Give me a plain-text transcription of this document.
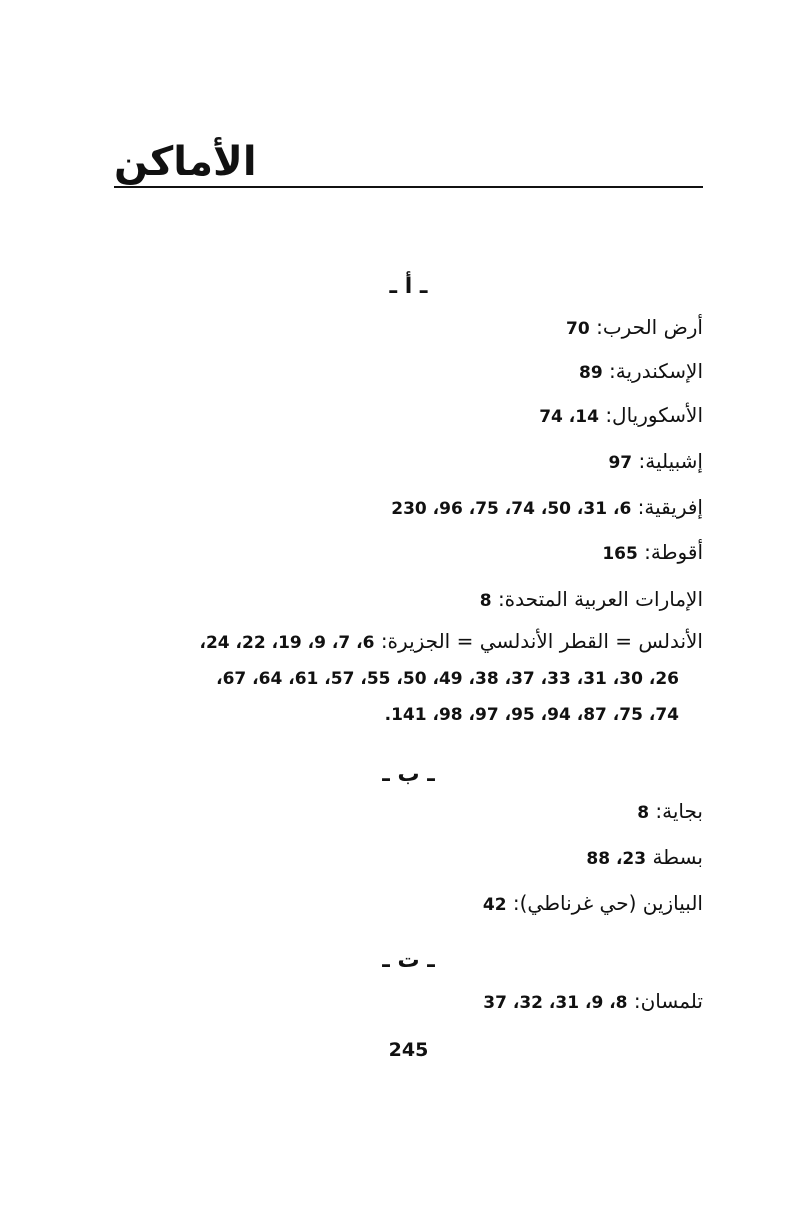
الأماكن
ـ أ ـ
أرض الحرب: 70
الإسكندرية: 89
الأسكوريال: 14، 74
إشبيلية: 97
إفريقية: 6، 31، 50، 74، 75، 96، 230
أقوطة: 165
الإمارات العربية المتحدة: 8
الأندلس = القطر الأندلسي = الجزيرة: 6، 7، 9، 19، 22، 24،
26، 30، 31، 33، 37، 38، 49، 50، 55، 57، 61، 64، 67،
74، 75، 87، 94، 95، 97، 98، 141.
ـ ب ـ
بجاية: 8
بسطة 23، 88
البيازين (حي غرناطي): 42
ـ ت ـ
تلمسان: 8، 9، 31، 32، 37
245
